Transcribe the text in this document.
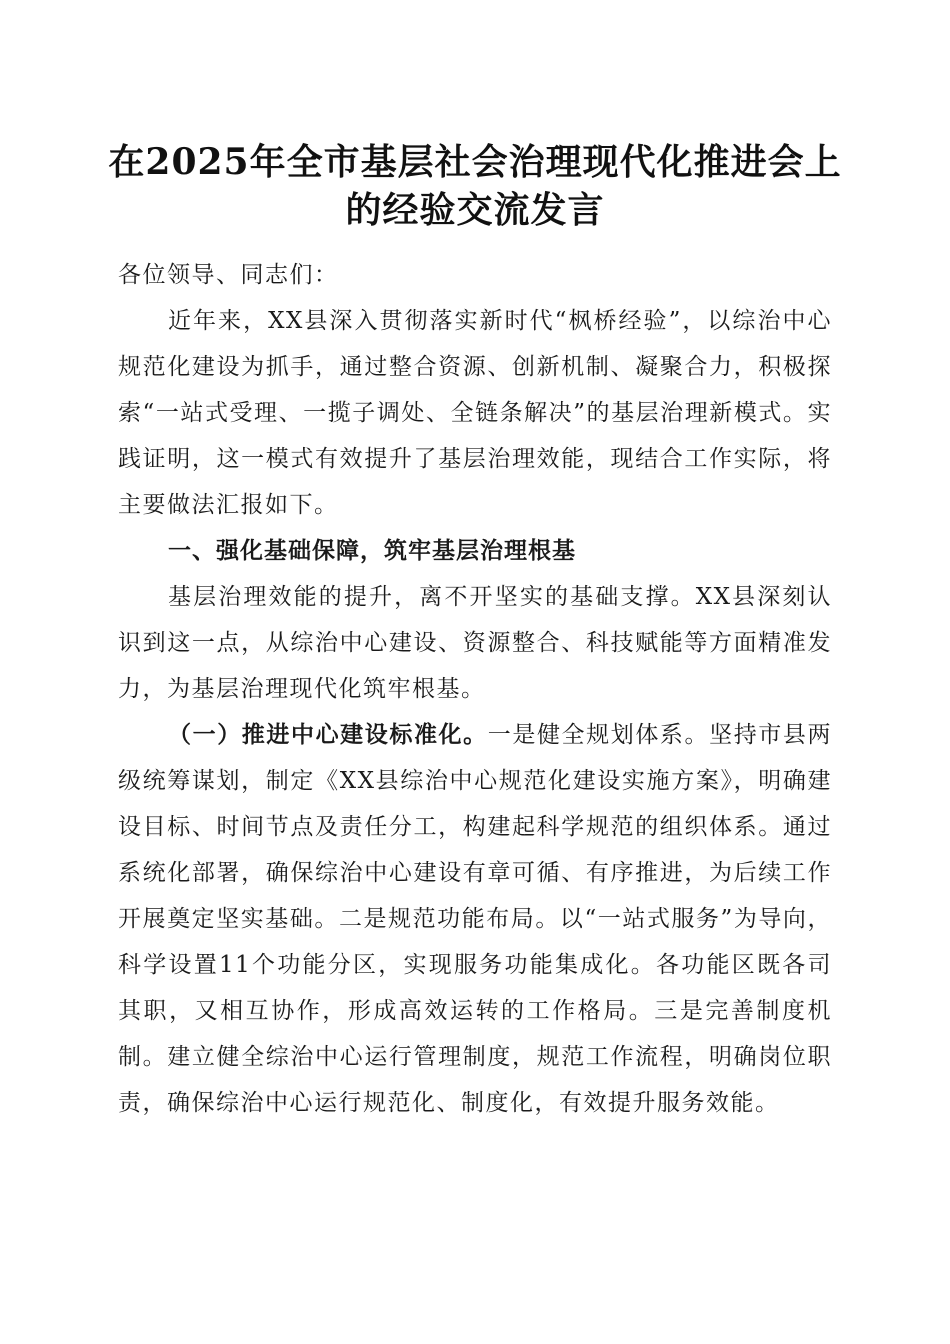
在2025年全市基层社会治理现代化推进会上
的经验交流发言

各位领导、同志们：

近年来，XX县深入贯彻落实新时代“枫桥经验”，以综治中心规范化建设为抓手，通过整合资源、创新机制、凝聚合力，积极探索“一站式受理、一揽子调处、全链条解决”的基层治理新模式。实践证明，这一模式有效提升了基层治理效能，现结合工作实际，将主要做法汇报如下。

一、强化基础保障，筑牢基层治理根基

基层治理效能的提升，离不开坚实的基础支撑。XX县深刻认识到这一点，从综治中心建设、资源整合、科技赋能等方面精准发力，为基层治理现代化筑牢根基。

（一）推进中心建设标准化。一是健全规划体系。坚持市县两级统筹谋划，制定《XX县综治中心规范化建设实施方案》，明确建设目标、时间节点及责任分工，构建起科学规范的组织体系。通过系统化部署，确保综治中心建设有章可循、有序推进，为后续工作开展奠定坚实基础。二是规范功能布局。以“一站式服务”为导向，科学设置11个功能分区，实现服务功能集成化。各功能区既各司其职，又相互协作，形成高效运转的工作格局。三是完善制度机制。建立健全综治中心运行管理制度，规范工作流程，明确岗位职责，确保综治中心运行规范化、制度化，有效提升服务效能。
